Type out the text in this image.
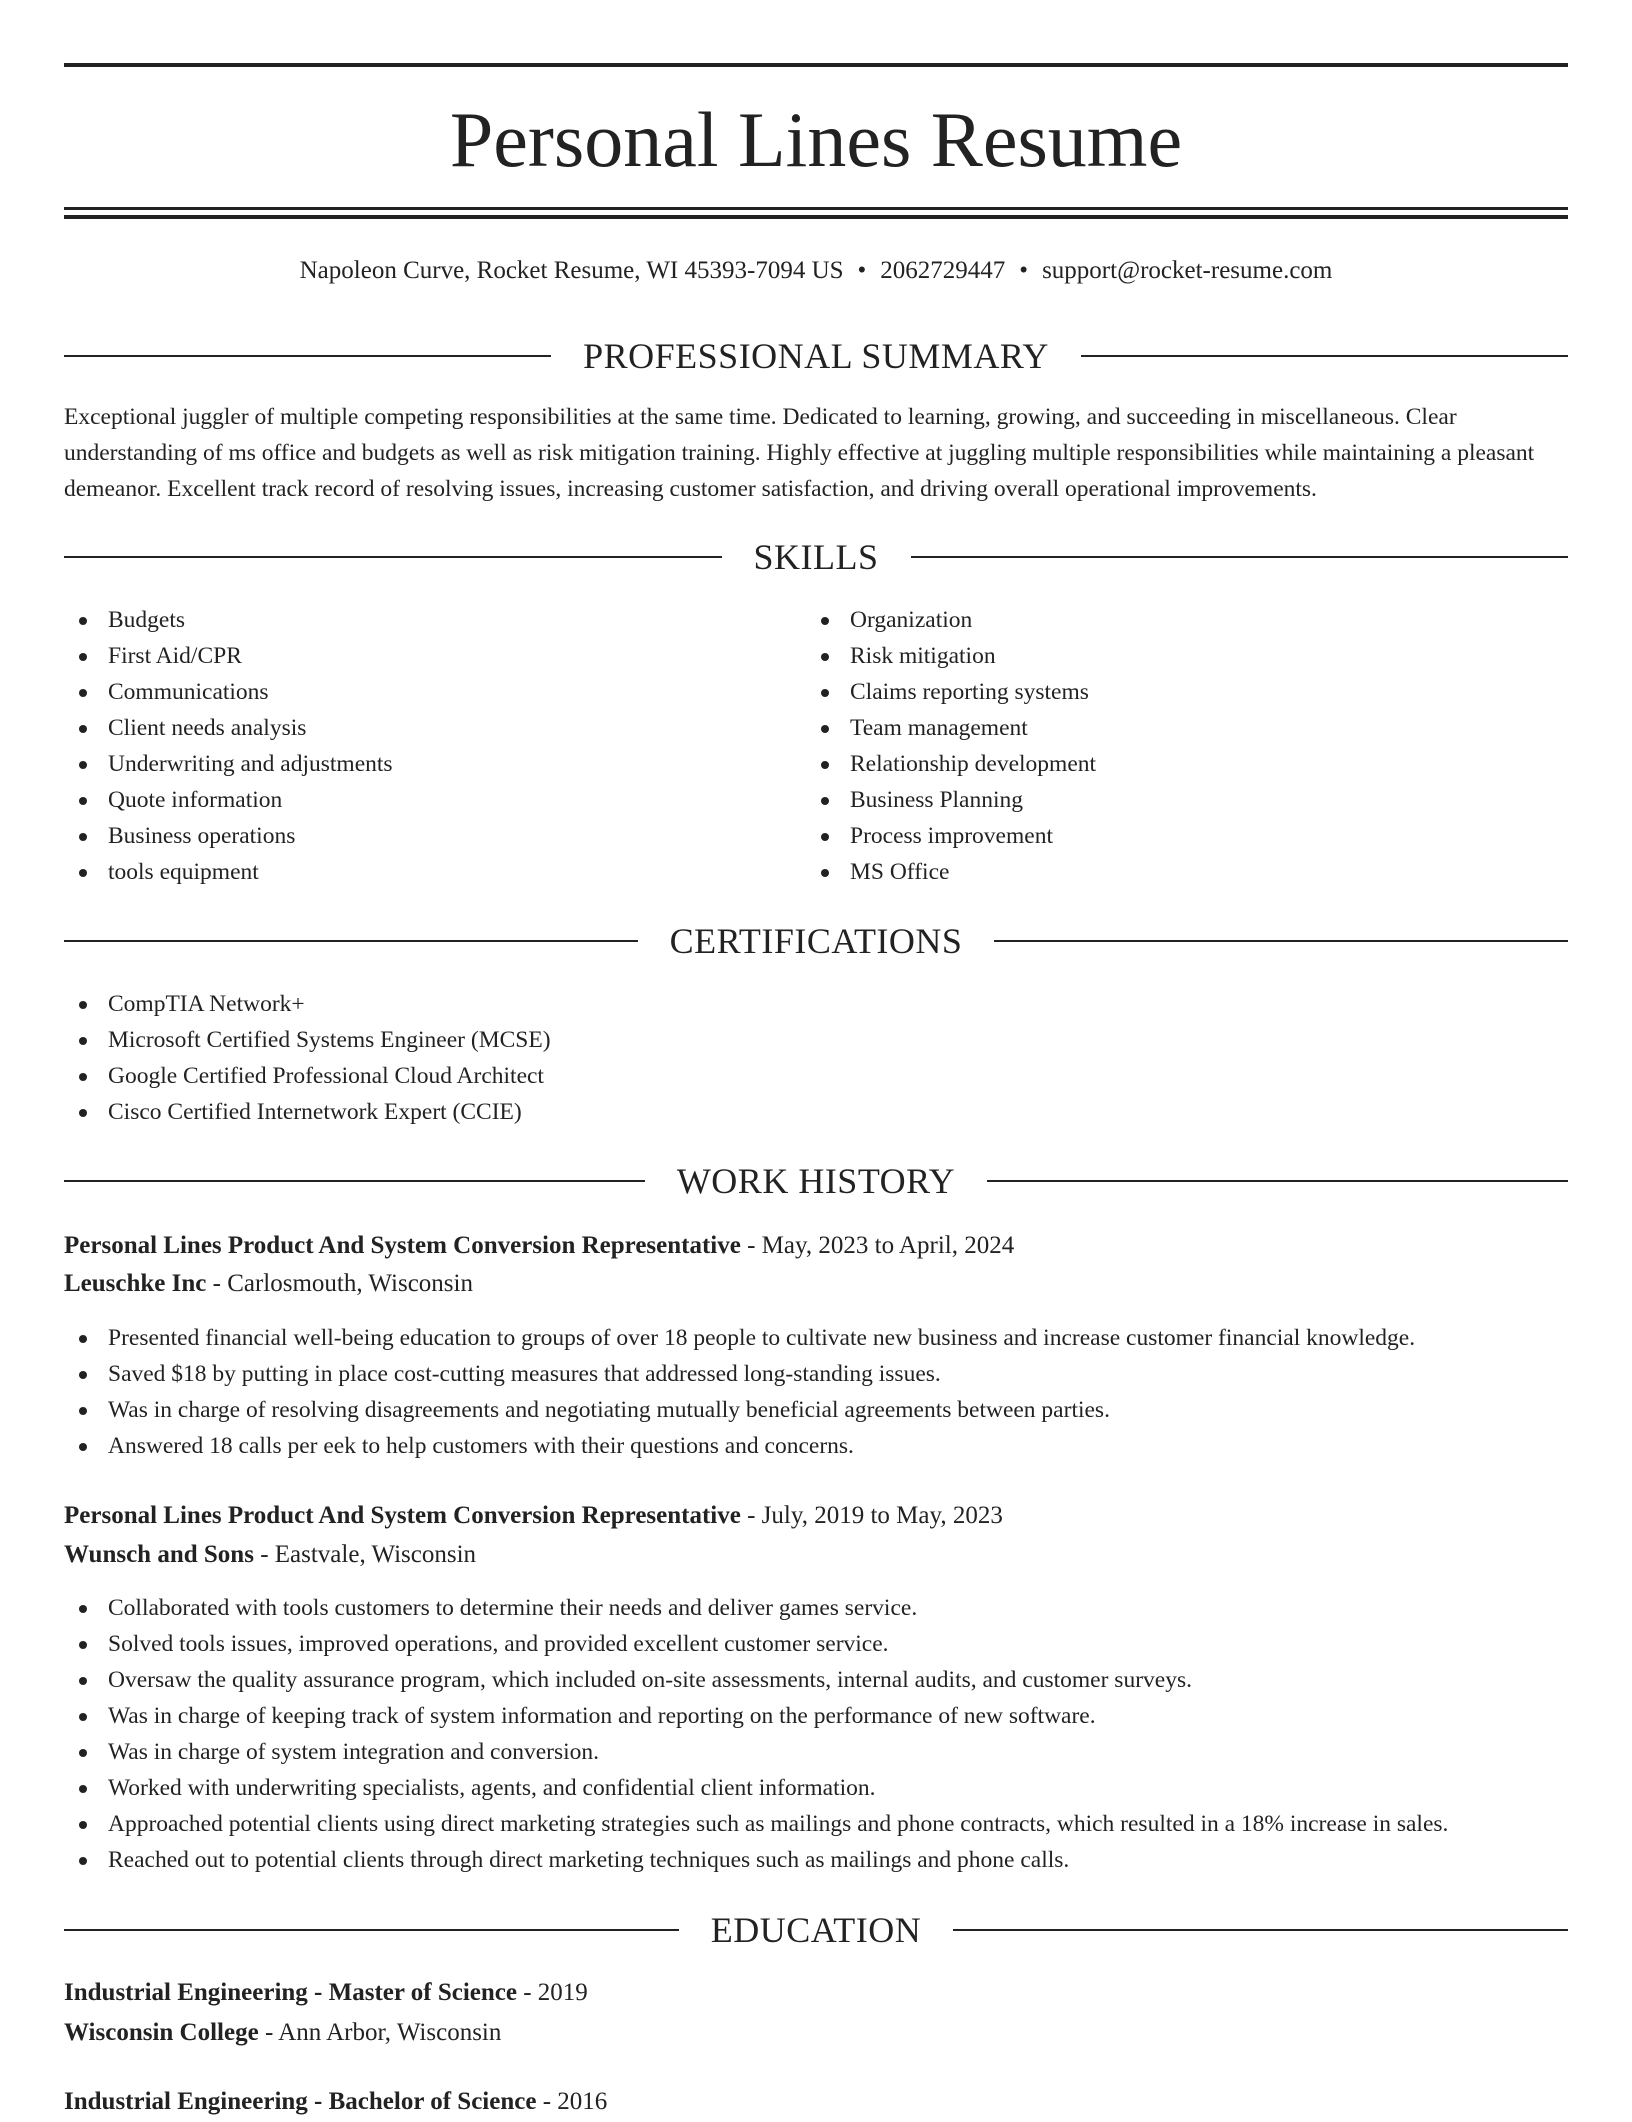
Personal Lines Resume
Napoleon Curve, Rocket Resume, WI 45393-7094 US • 2062729447 • support@rocket-resume.com
PROFESSIONAL SUMMARY

Exceptional juggler of multiple competing responsibilities at the same time. Dedicated to learning, growing, and succeeding in miscellaneous. Clear understanding of ms office and budgets as well as risk mitigation training. Highly effective at juggling multiple responsibilities while maintaining a pleasant demeanor. Excellent track record of resolving issues, increasing customer satisfaction, and driving overall operational improvements.

SKILLS
Budgets
First Aid/CPR
Communications
Client needs analysis
Underwriting and adjustments
Quote information
Business operations
tools equipment
Organization
Risk mitigation
Claims reporting systems
Team management
Relationship development
Business Planning
Process improvement
MS Office
CERTIFICATIONS
CompTIA Network+
Microsoft Certified Systems Engineer (MCSE)
Google Certified Professional Cloud Architect
Cisco Certified Internetwork Expert (CCIE)
WORK HISTORY
Personal Lines Product And System Conversion Representative - May, 2023 to April, 2024
Leuschke Inc - Carlosmouth, Wisconsin
Presented financial well-being education to groups of over 18 people to cultivate new business and increase customer financial knowledge.
Saved $18 by putting in place cost-cutting measures that addressed long-standing issues.
Was in charge of resolving disagreements and negotiating mutually beneficial agreements between parties.
Answered 18 calls per eek to help customers with their questions and concerns.
Personal Lines Product And System Conversion Representative - July, 2019 to May, 2023
Wunsch and Sons - Eastvale, Wisconsin
Collaborated with tools customers to determine their needs and deliver games service.
Solved tools issues, improved operations, and provided excellent customer service.
Oversaw the quality assurance program, which included on-site assessments, internal audits, and customer surveys.
Was in charge of keeping track of system information and reporting on the performance of new software.
Was in charge of system integration and conversion.
Worked with underwriting specialists, agents, and confidential client information.
Approached potential clients using direct marketing strategies such as mailings and phone contracts, which resulted in a 18% increase in sales.
Reached out to potential clients through direct marketing techniques such as mailings and phone calls.
EDUCATION
Industrial Engineering - Master of Science - 2019
Wisconsin College - Ann Arbor, Wisconsin
Industrial Engineering - Bachelor of Science - 2016
